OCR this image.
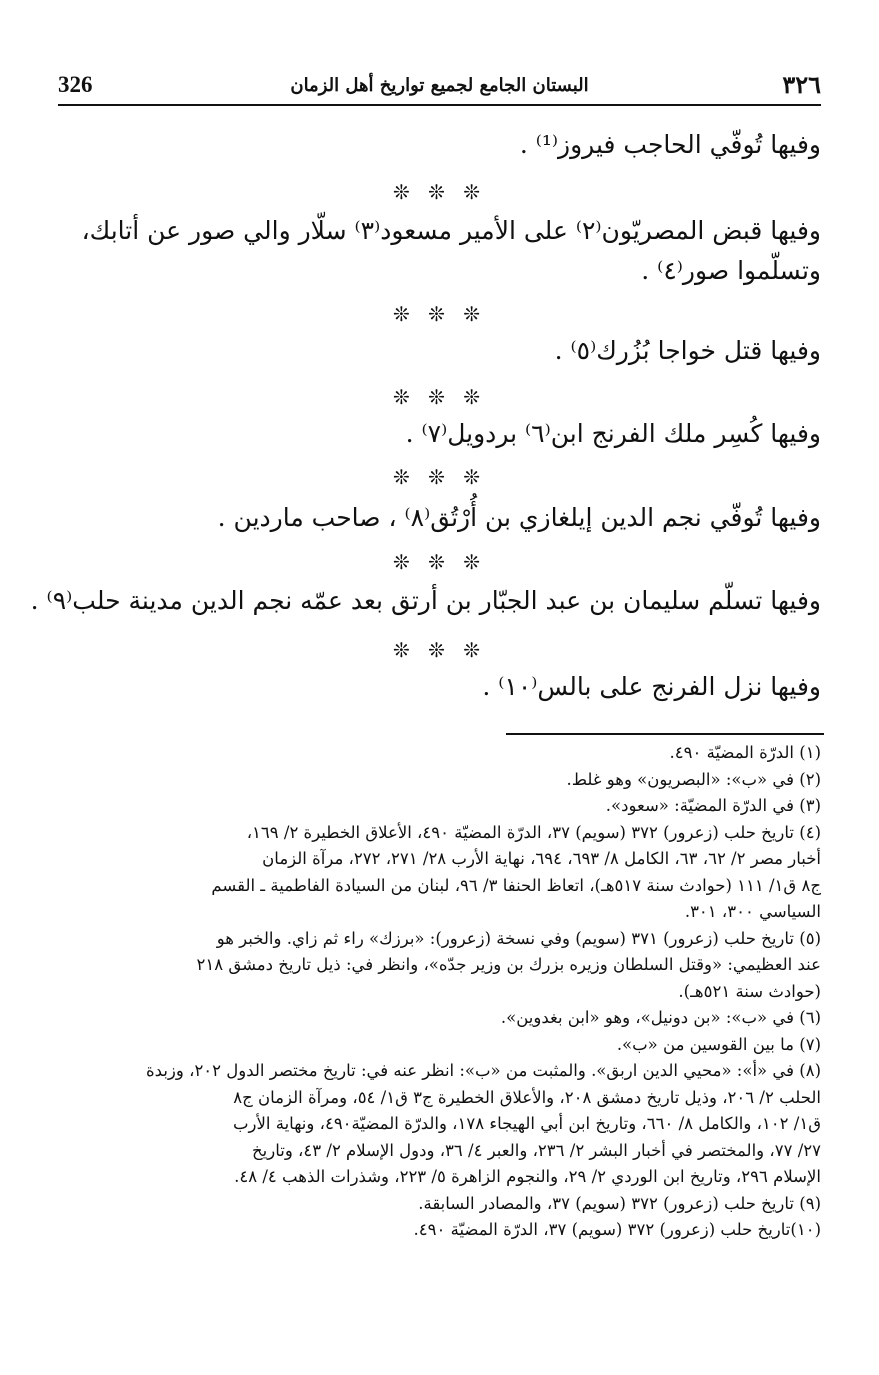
326	البستان الجامع لجميع تواريخ أهل الزمان	٣٢٦
وفيها تُوفّي الحاجب فيروز⁽¹⁾ .
❊ ❊ ❊
وفيها قبض المصريّون⁽٢⁾ على الأمير مسعود⁽٣⁾ سلّار والي صور عن أتابك،
وتسلّموا صور⁽٤⁾ .
❊ ❊ ❊
وفيها قتل خواجا بُزُرك⁽٥⁾ .
❊ ❊ ❊
وفيها كُسِر ملك الفرنج ابن⁽٦⁾ بردويل⁽٧⁾ .
❊ ❊ ❊
وفيها تُوفّي نجم الدين إيلغازي بن أُرْتُق⁽٨⁾ ، صاحب ماردين .
❊ ❊ ❊
وفيها تسلّم سليمان بن عبد الجبّار بن أرتق بعد عمّه نجم الدين مدينة حلب⁽٩⁾ .
❊ ❊ ❊
وفيها نزل الفرنج على بالس⁽١٠⁾ .
(١) الدرّة المضيّة ٤٩٠.
(٢) في «ب»: «البصريون» وهو غلط.
(٣) في الدرّة المضيّة: «سعود».
(٤) تاريخ حلب (زعرور) ٣٧٢ (سويم) ٣٧، الدرّة المضيّة ٤٩٠، الأعلاق الخطيرة ٢/ ١٦٩،
أخبار مصر ٢/ ٦٢، ٦٣، الكامل ٨/ ٦٩٣، ٦٩٤، نهاية الأرب ٢٨/ ٢٧١، ٢٧٢، مرآة الزمان
ج٨ ق١/ ١١١ (حوادث سنة ٥١٧هـ)، اتعاظ الحنفا ٣/ ٩٦، لبنان من السيادة الفاطمية ـ القسم
السياسي ٣٠٠، ٣٠١.
(٥) تاريخ حلب (زعرور) ٣٧١ (سويم) وفي نسخة (زعرور): «برزك» راء ثم زاي. والخبر هو
عند العظيمي: «وقتل السلطان وزيره بزرك بن وزير جدّه»، وانظر في: ذيل تاريخ دمشق ٢١٨
(حوادث سنة ٥٢١هـ).
(٦) في «ب»: «بن دونيل»، وهو «ابن بغدوين».
(٧) ما بين القوسين من «ب».
(٨) في «أ»: «محيي الدين اربق». والمثبت من «ب»: انظر عنه في: تاريخ مختصر الدول ٢٠٢، وزبدة
الحلب ٢/ ٢٠٦، وذيل تاريخ دمشق ٢٠٨، والأعلاق الخطيرة ج٣ ق١/ ٥٤، ومرآة الزمان ج٨
ق١/ ١٠٢، والكامل ٨/ ٦٦٠، وتاريخ ابن أبي الهيجاء ١٧٨، والدرّة المضيّة٤٩٠، ونهاية الأرب
٢٧/ ٧٧، والمختصر في أخبار البشر ٢/ ٢٣٦، والعبر ٤/ ٣٦، ودول الإسلام ٢/ ٤٣، وتاريخ
الإسلام ٢٩٦، وتاريخ ابن الوردي ٢/ ٢٩، والنجوم الزاهرة ٥/ ٢٢٣، وشذرات الذهب ٤/ ٤٨.
(٩) تاريخ حلب (زعرور) ٣٧٢ (سويم) ٣٧، والمصادر السابقة.
(١٠)تاريخ حلب (زعرور) ٣٧٢ (سويم) ٣٧، الدرّة المضيّة ٤٩٠.
